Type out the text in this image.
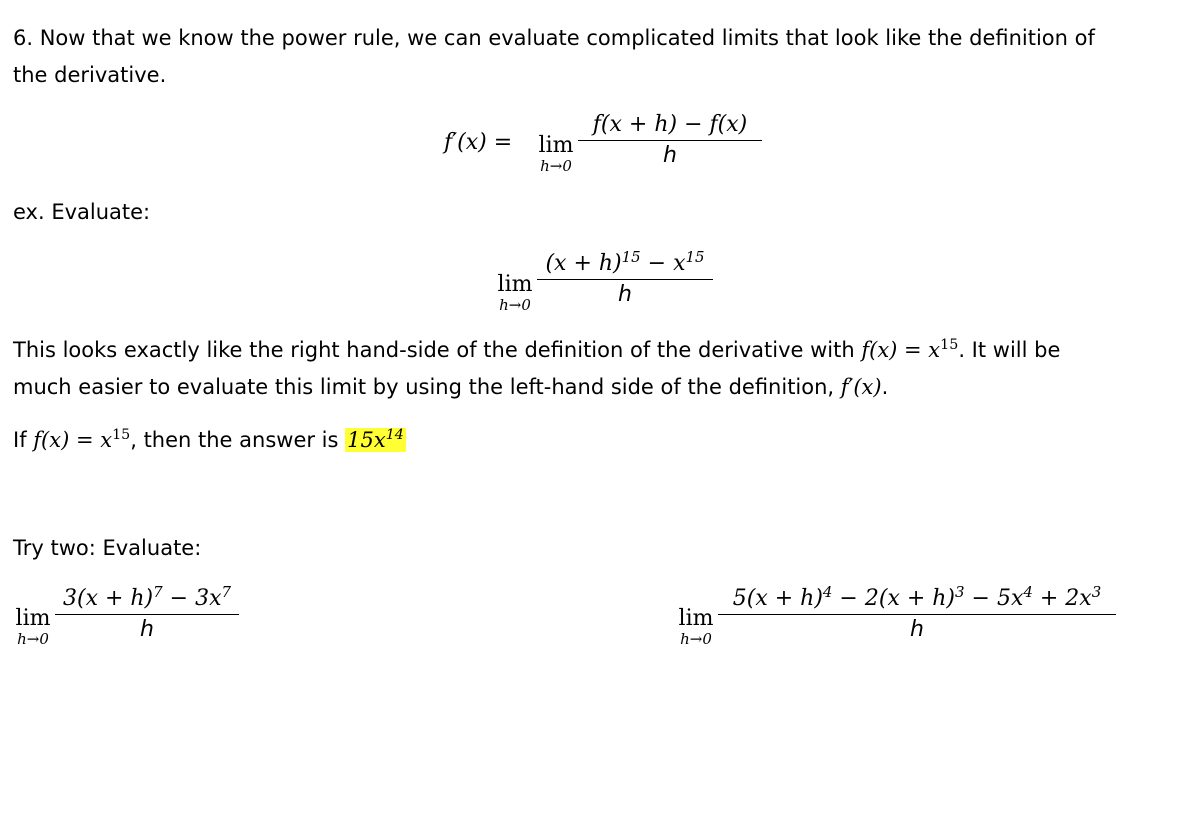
6. Now that we know the power rule, we can evaluate complicated limits that look like the definition of
the derivative.
f′(x) = lim
h→0
f(x + h) − f(x)
h
ex. Evaluate:
lim
h→0
$(x + h)^{15} - x^{15}$
h
This looks exactly like the right hand-side of the definition of the derivative with $f(x) = x^{15}$. It will be
much easier to evaluate this limit by using the left-hand side of the definition, f′(x).
If $f(x) = x^{15}$, then the answer is $15x^{14}$
Try two: Evaluate:
lim
h→0
$3(x + h)^7 - 3x^7$
h	lim
h→0
$5(x + h)^4 - 2(x + h)^3 - 5x^4 + 2x^3$
h
